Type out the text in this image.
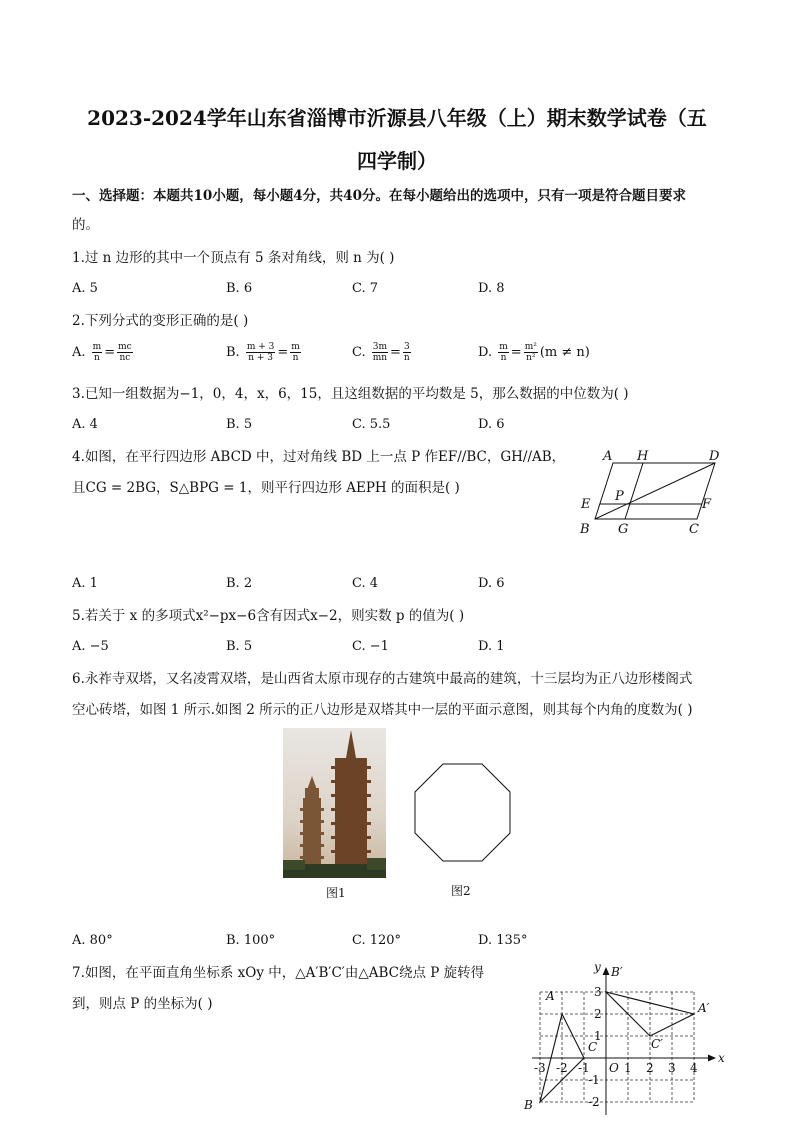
2023-2024学年山东省淄博市沂源县八年级（上）期末数学试卷（五
四学制）
一、选择题：本题共10小题，每小题4分，共40分。在每小题给出的选项中，只有一项是符合题目要求
的。
1.过 n 边形的其中一个顶点有 5 条对角线，则 n 为( )
A. 5	B. 6	C. 7	D. 8
2.下列分式的变形正确的是( )
A. $\frac{m}{n} = \frac{mc}{nc}$	B. $\frac{m + 3}{n + 3} = \frac{m}{n}$	C. $\frac{3m}{mn} = \frac{3}{n}$	D. $\frac{m}{n} = \frac{\text{m²}}{\text{n²}} (m \ne n)$
3.已知一组数据为−1，0，4，x，6，15，且这组数据的平均数是 5，那么数据的中位数为( )
A. 4	B. 5	C. 5.5	D. 6
4.如图，在平行四边形 ABCD 中，过对角线 BD 上一点 P 作EF//BC，GH//AB，
且CG = 2BG，S△BPG = 1，则平行四边形 AEPH 的面积是( )
A H	D
E
P
F
B G	C
A. 1	B. 2	C. 4	D. 6
5.若关于 x 的多项式x²−px−6含有因式x−2，则实数 p 的值为( )
A. −5	B. 5	C. −1	D. 1
6.永祚寺双塔，又名凌霄双塔，是山西省太原市现存的古建筑中最高的建筑，十三层均为正八边形楼阁式
空心砖塔，如图 1 所示.如图 2 所示的正八边形是双塔其中一层的平面示意图，则其每个内角的度数为( )
图1	图2
A. 80°	B. 100°	C. 120°	D. 135°
7.如图，在平面直角坐标系 xOy 中，△A′B′C′由△ABC绕点 P 旋转得
到，则点 P 的坐标为( )
x
y
O
-3 -2 -1	1 2 3 4
3
2
1
-1
-2
A
B
C
A′
B′
C′
